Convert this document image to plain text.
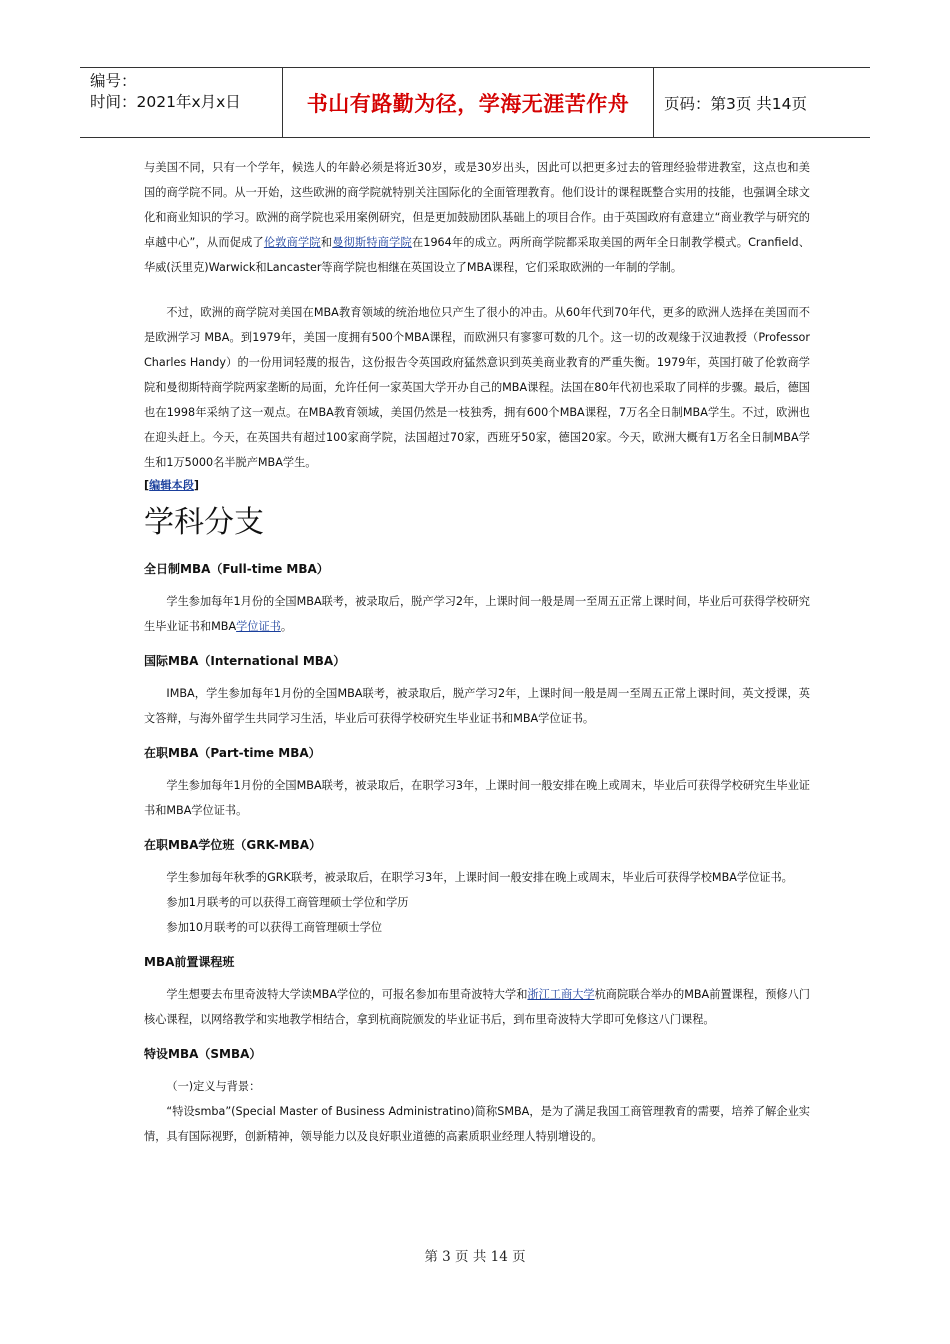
编号：
时间：2021年x月x日	书山有路勤为径，学海无涯苦作舟	页码：第3页 共14页

与美国不同，只有一个学年，候选人的年龄必须是将近30岁，或是30岁出头，因此可以把更多过去的管理经验带进教室，这点也和美国的商学院不同。从一开始，这些欧洲的商学院就特别关注国际化的全面管理教育。他们设计的课程既整合实用的技能，也强调全球文化和商业知识的学习。欧洲的商学院也采用案例研究，但是更加鼓励团队基础上的项目合作。由于英国政府有意建立“商业教学与研究的卓越中心”，从而促成了伦敦商学院和曼彻斯特商学院在1964年的成立。两所商学院都采取美国的两年全日制教学模式。Cranfield、 华威(沃里克)Warwick和Lancaster等商学院也相继在英国设立了MBA课程，它们采取欧洲的一年制的学制。

不过，欧洲的商学院对美国在MBA教育领域的统治地位只产生了很小的冲击。从60年代到70年代，更多的欧洲人选择在美国而不是欧洲学习 MBA。到1979年，美国一度拥有500个MBA课程，而欧洲只有寥寥可数的几个。这一切的改观缘于汉迪教授（Professor Charles Handy）的一份用词轻蔑的报告，这份报告令英国政府猛然意识到英美商业教育的严重失衡。1979年，英国打破了伦敦商学院和曼彻斯特商学院两家垄断的局面，允许任何一家英国大学开办自己的MBA课程。法国在80年代初也采取了同样的步骤。最后，德国也在1998年采纳了这一观点。在MBA教育领域，美国仍然是一枝独秀，拥有600个MBA课程，7万名全日制MBA学生。不过，欧洲也在迎头赶上。今天，在英国共有超过100家商学院，法国超过70家，西班牙50家，德国20家。今天，欧洲大概有1万名全日制MBA学生和1万5000名半脱产MBA学生。

[编辑本段]
学科分支
全日制MBA（Full-time MBA）

学生参加每年1月份的全国MBA联考，被录取后，脱产学习2年，上课时间一般是周一至周五正常上课时间，毕业后可获得学校研究生毕业证书和MBA学位证书。

国际MBA（International MBA）

IMBA，学生参加每年1月份的全国MBA联考，被录取后，脱产学习2年，上课时间一般是周一至周五正常上课时间，英文授课，英文答辩，与海外留学生共同学习生活，毕业后可获得学校研究生毕业证书和MBA学位证书。

在职MBA（Part-time MBA）

学生参加每年1月份的全国MBA联考，被录取后，在职学习3年，上课时间一般安排在晚上或周末，毕业后可获得学校研究生毕业证书和MBA学位证书。

在职MBA学位班（GRK-MBA）

学生参加每年秋季的GRK联考，被录取后，在职学习3年，上课时间一般安排在晚上或周末，毕业后可获得学校MBA学位证书。

参加1月联考的可以获得工商管理硕士学位和学历

参加10月联考的可以获得工商管理硕士学位

MBA前置课程班

学生想要去布里奇波特大学读MBA学位的，可报名参加布里奇波特大学和浙江工商大学杭商院联合举办的MBA前置课程，预修八门核心课程，以网络教学和实地教学相结合，拿到杭商院颁发的毕业证书后，到布里奇波特大学即可免修这八门课程。

特设MBA（SMBA）

（一)定义与背景：

“特设smba”(Special Master of Business Administratino)简称SMBA，是为了满足我国工商管理教育的需要，培养了解企业实情，具有国际视野，创新精神，领导能力以及良好职业道德的高素质职业经理人特别增设的。

第 3 页 共 14 页
